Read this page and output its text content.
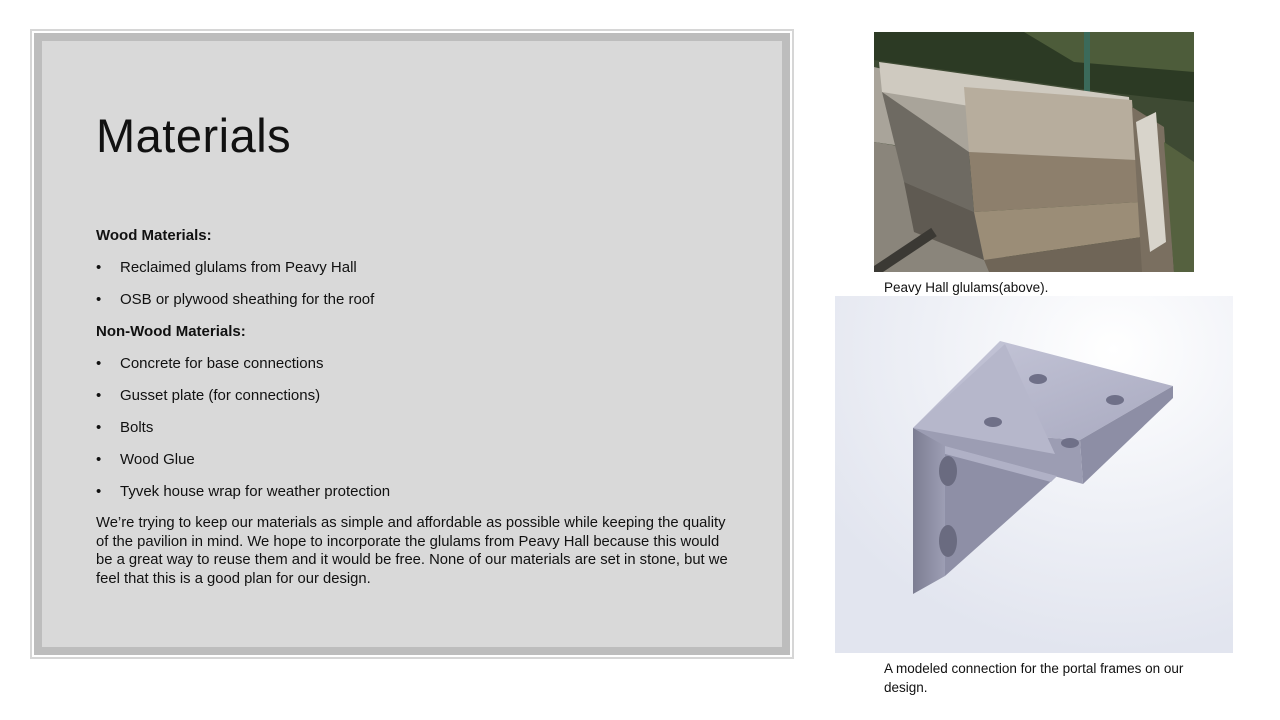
Materials

Wood Materials:

• Reclaimed glulams from Peavy Hall
• OSB or plywood sheathing for the roof

Non-Wood Materials:

• Concrete for base connections
• Gusset plate (for connections)
• Bolts
• Wood Glue
• Tyvek house wrap for weather protection

We’re trying to keep our materials as simple and affordable as possible while keeping the quality of the pavilion in mind. We hope to incorporate the glulams from Peavy Hall because this would be a great way to reuse them and it would be free. None of our materials are set in stone, but we feel that this is a good plan for our design.

Peavy Hall glulams(above).

A modeled connection for the portal frames on our design.
